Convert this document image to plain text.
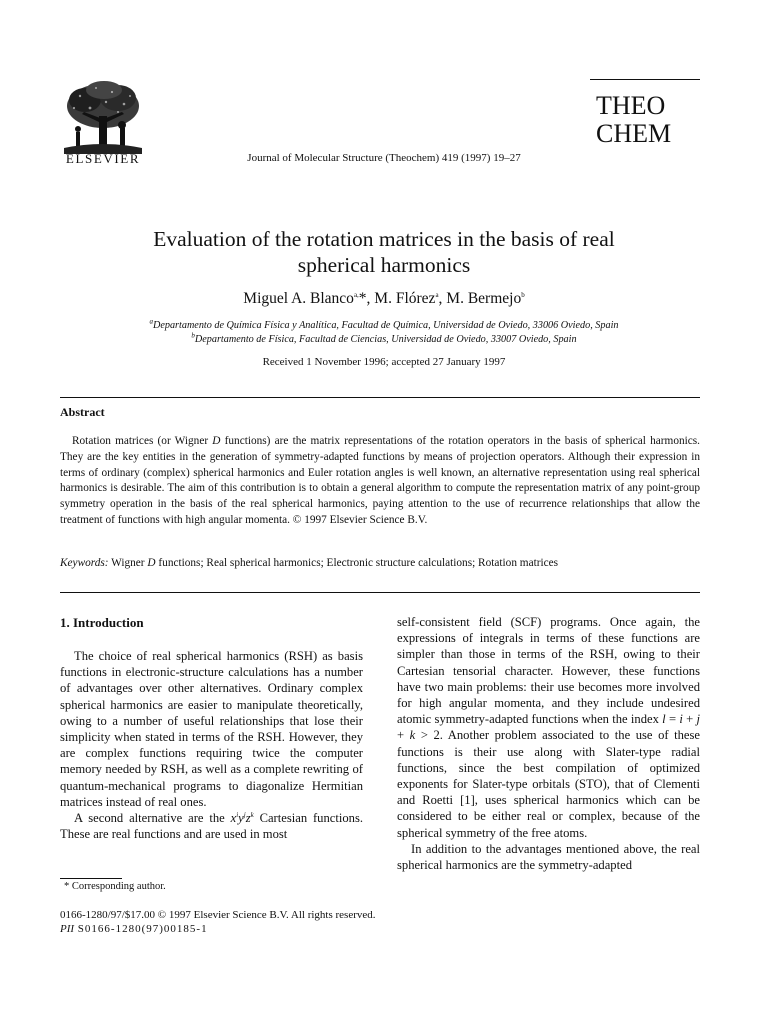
ELSEVIER	Journal of Molecular Structure (Theochem) 419 (1997) 19–27
THEO
CHEM
Evaluation of the rotation matrices in the basis of real
spherical harmonics
Miguel A. Blanco$^{a,}$*, M. Flórez$^a$, M. Bermejo$^b$
$^a$Departamento de Química Física y Analítica, Facultad de Química, Universidad de Oviedo, 33006 Oviedo, Spain
$^b$Departamento de Física, Facultad de Ciencias, Universidad de Oviedo, 33007 Oviedo, Spain
Received 1 November 1996; accepted 27 January 1997
Abstract
Rotation matrices (or Wigner D functions) are the matrix representations of the rotation operators in the basis of spherical harmonics. They are the key entities in the generation of symmetry-adapted functions by means of projection operators. Although their expression in terms of ordinary (complex) spherical harmonics and Euler rotation angles is well known, an alternative representation using real spherical harmonics is desirable. The aim of this contribution is to obtain a general algorithm to compute the representation matrix of any point-group symmetry operation in the basis of the real spherical harmonics, paying attention to the use of recurrence relationships that allow the treatment of functions with high angular momenta. © 1997 Elsevier Science B.V.
Keywords: Wigner D functions; Real spherical harmonics; Electronic structure calculations; Rotation matrices
1. Introduction

The choice of real spherical harmonics (RSH) as basis functions in electronic-structure calculations has a number of advantages over other alternatives. Ordinary complex spherical harmonics are easier to manipulate theoretically, owing to a number of useful relationships that lose their simplicity when stated in terms of the RSH. However, they are complex functions requiring twice the computer memory needed by RSH, as well as a complete rewriting of quantum-mechanical programs to diagonalize Hermitian matrices instead of real ones.

A second alternative are the $x^iy^jz^k$ Cartesian functions. These are real functions and are used in most

self-consistent field (SCF) programs. Once again, the expressions of integrals in terms of these functions are simpler than those in terms of the RSH, owing to their Cartesian tensorial character. However, these functions have two main problems: their use becomes more involved for high angular momenta, and they include undesired atomic symmetry-adapted functions when the index l = i + j + k > 2. Another problem associated to the use of these functions is their use along with Slater-type radial functions, since the best compilation of optimized exponents for Slater-type orbitals (STO), that of Clementi and Roetti [1], uses spherical harmonics which can be considered to be either real or complex, because of the spherical symmetry of the free atoms.

In addition to the advantages mentioned above, the real spherical harmonics are the symmetry-adapted

* Corresponding author.
0166-1280/97/$17.00 © 1997 Elsevier Science B.V. All rights reserved.
PII S0166-1280(97)00185-1
